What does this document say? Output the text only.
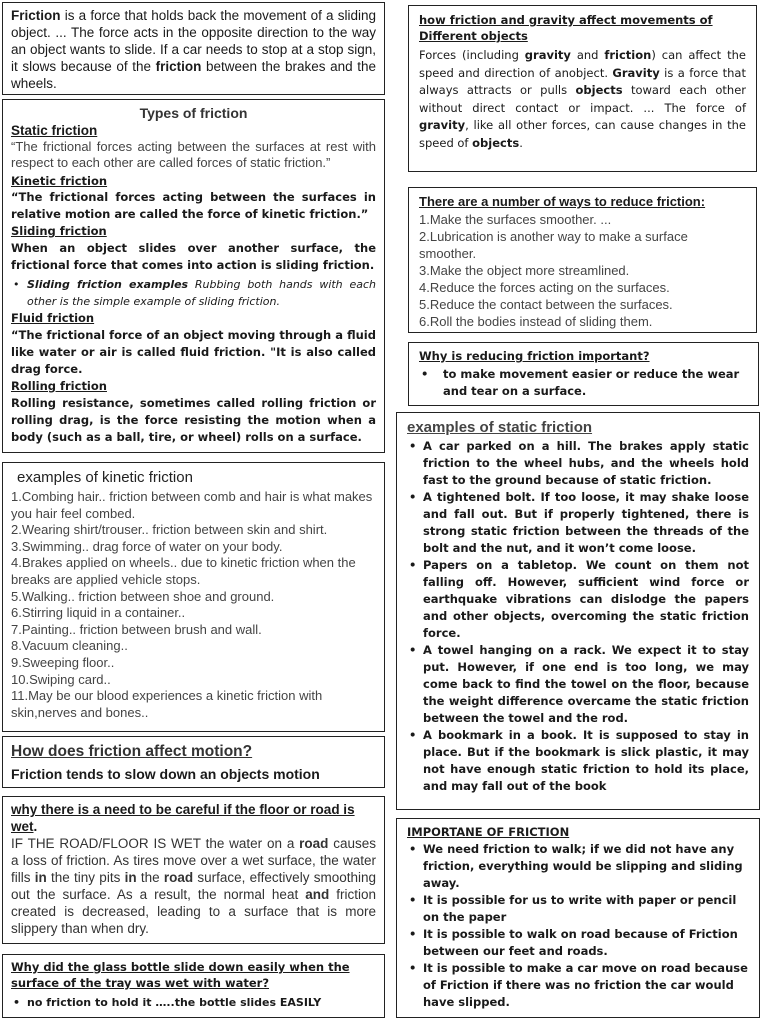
Friction is a force that holds back the movement of a sliding object. ... The force acts in the opposite direction to the way an object wants to slide. If a car needs to stop at a stop sign, it slows because of the friction between the brakes and the wheels.

Types of friction
Static friction

“The frictional forces acting between the surfaces at rest with respect to each other are called forces of static friction.”

Kinetic friction

“The frictional forces acting between the surfaces in relative motion are called the force of kinetic friction.”

Sliding friction

When an object slides over another surface, the frictional force that comes into action is sliding friction.

• Sliding friction examples Rubbing both hands with each other is the simple example of sliding friction.

Fluid friction

“The frictional force of an object moving through a fluid like water or air is called fluid friction. "It is also called drag force.

Rolling friction

Rolling resistance, sometimes called rolling friction or rolling drag, is the force resisting the motion when a body (such as a ball, tire, or wheel) rolls on a surface.

examples of kinetic friction
1.Combing hair.. friction between comb and hair is what makes you hair feel combed.
2.Wearing shirt/trouser.. friction between skin and shirt.
3.Swimming.. drag force of water on your body.
4.Brakes applied on wheels.. due to kinetic friction when the breaks are applied vehicle stops.
5.Walking.. friction between shoe and ground.
6.Stirring liquid in a container..
7.Painting.. friction between brush and wall.
8.Vacuum cleaning..
9.Sweeping floor..
10.Swiping card..
11.May be our blood experiences a kinetic friction with skin,nerves and bones..
How does friction affect motion?
Friction tends to slow down an objects motion

why there is a need to be careful if the floor or road is wet.

IF THE ROAD/FLOOR IS WET the water on a road causes a loss of friction. As tires move over a wet surface, the water fills in the tiny pits in the road surface, effectively smoothing out the surface. As a result, the normal heat and friction created is decreased, leading to a surface that is more slippery than when dry.

Why did the glass bottle slide down easily when the surface of the tray was wet with water?

• no friction to hold it …..the bottle slides EASILY

how friction and gravity affect movements of
Different objects

Forces (including gravity and friction) can affect the speed and direction of anobject. Gravity is a force that always attracts or pulls objects toward each other without direct contact or impact. ... The force of gravity, like all other forces, can cause changes in the speed of objects.

There are a number of ways to reduce friction:
1.Make the surfaces smoother. ...
2.Lubrication is another way to make a surface smoother.
3.Make the object more streamlined.
4.Reduce the forces acting on the surfaces.
5.Reduce the contact between the surfaces.
6.Roll the bodies instead of sliding them.
Why is reducing friction important?

• to make movement easier or reduce the wear and tear on a surface.

examples of static friction
• A car parked on a hill. The brakes apply static friction to the wheel hubs, and the wheels hold fast to the ground because of static friction.
• A tightened bolt. If too loose, it may shake loose and fall out. But if properly tightened, there is strong static friction between the threads of the bolt and the nut, and it won’t come loose.
• Papers on a tabletop. We count on them not falling off. However, sufficient wind force or earthquake vibrations can dislodge the papers and other objects, overcoming the static friction force.
• A towel hanging on a rack. We expect it to stay put. However, if one end is too long, we may come back to find the towel on the floor, because the weight difference overcame the static friction between the towel and the rod.
• A bookmark in a book. It is supposed to stay in place. But if the bookmark is slick plastic, it may not have enough static friction to hold its place, and may fall out of the book
IMPORTANE OF FRICTION
• We need friction to walk; if we did not have any friction, everything would be slipping and sliding away.
• It is possible for us to write with paper or pencil on the paper
• It is possible to walk on road because of Friction between our feet and roads.
• It is possible to make a car move on road because of Friction if there was no friction the car would have slipped.
